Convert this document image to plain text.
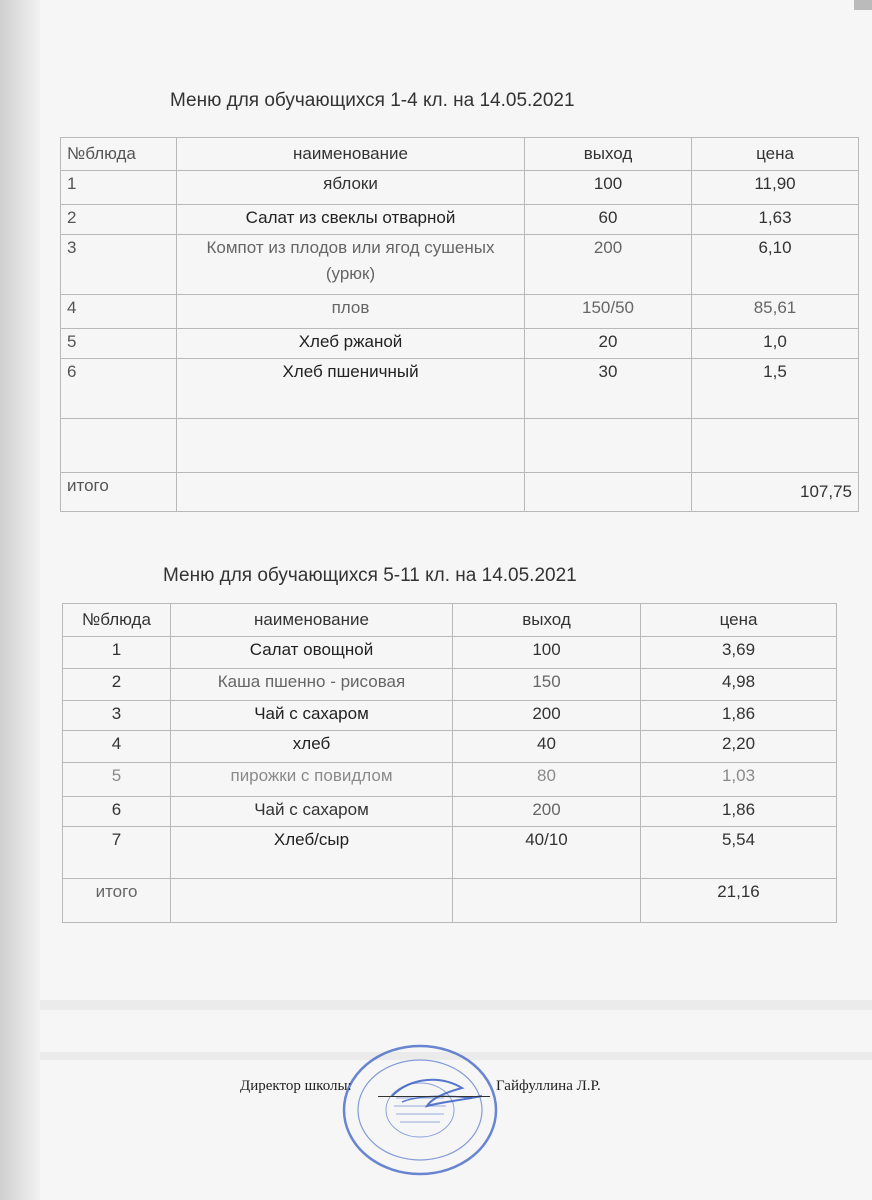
Меню для обучающихся 1-4 кл. на 14.05.2021
№блюда	наименование	выход	цена
1	яблоки	100	11,90
2	Салат из свеклы отварной	60	1,63
3	Компот из плодов или ягод сушеных (урюк)	200	6,10
4	плов	150/50	85,61
5	Хлеб ржаной	20	1,0
6	Хлеб пшеничный	30	1,5

итого			107,75
Меню для обучающихся 5-11 кл. на 14.05.2021
№блюда	наименование	выход	цена
1	Салат овощной	100	3,69
2	Каша пшенно - рисовая	150	4,98
3	Чай с сахаром	200	1,86
4	хлеб	40	2,20
5	пирожки с повидлом	80	1,03
6	Чай с сахаром	200	1,86
7	Хлеб/сыр	40/10	5,54
итого			21,16
Директор школы:	Гайфуллина Л.Р.
